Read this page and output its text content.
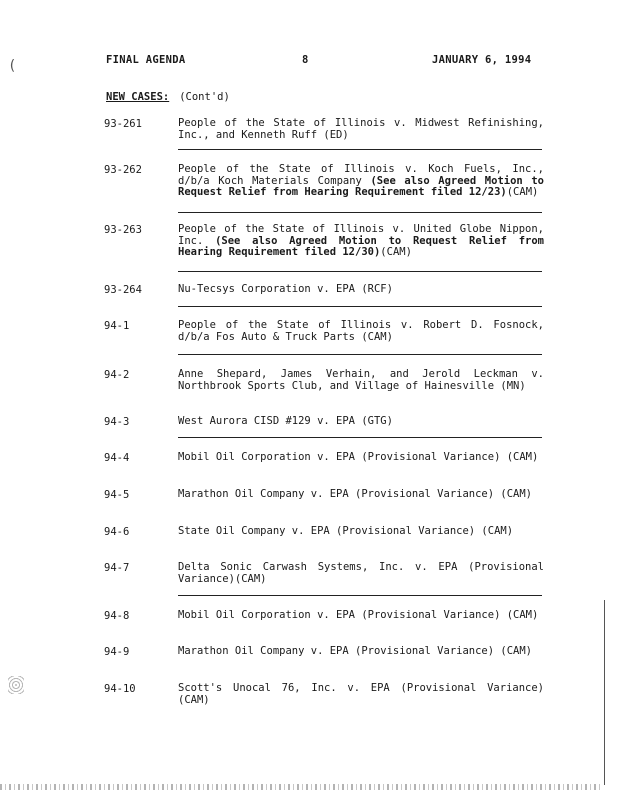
FINAL AGENDA	8	JANUARY 6, 1994
NEW CASES: (Cont'd)
93-261	People of the State of Illinois v. Midwest Refinishing, Inc., and Kenneth Ruff (ED)
93-262	People of the State of Illinois v. Koch Fuels, Inc., d/b/a Koch Materials Company (See also Agreed Motion to Request Relief from Hearing Requirement filed 12/23)(CAM)
93-263	People of the State of Illinois v. United Globe Nippon, Inc. (See also Agreed Motion to Request Relief from Hearing Requirement filed 12/30)(CAM)
93-264	Nu-Tecsys Corporation v. EPA (RCF)
94-1	People of the State of Illinois v. Robert D. Fosnock, d/b/a Fos Auto & Truck Parts (CAM)
94-2	Anne Shepard, James Verhain, and Jerold Leckman v. Northbrook Sports Club, and Village of Hainesville (MN)
94-3	West Aurora CISD #129 v. EPA (GTG)
94-4	Mobil Oil Corporation v. EPA (Provisional Variance) (CAM)
94-5	Marathon Oil Company v. EPA (Provisional Variance) (CAM)
94-6	State Oil Company v. EPA (Provisional Variance) (CAM)
94-7	Delta Sonic Carwash Systems, Inc. v. EPA (Provisional Variance)(CAM)
94-8	Mobil Oil Corporation v. EPA (Provisional Variance) (CAM)
94-9	Marathon Oil Company v. EPA (Provisional Variance) (CAM)
94-10	Scott's Unocal 76, Inc. v. EPA (Provisional Variance)(CAM)
(
